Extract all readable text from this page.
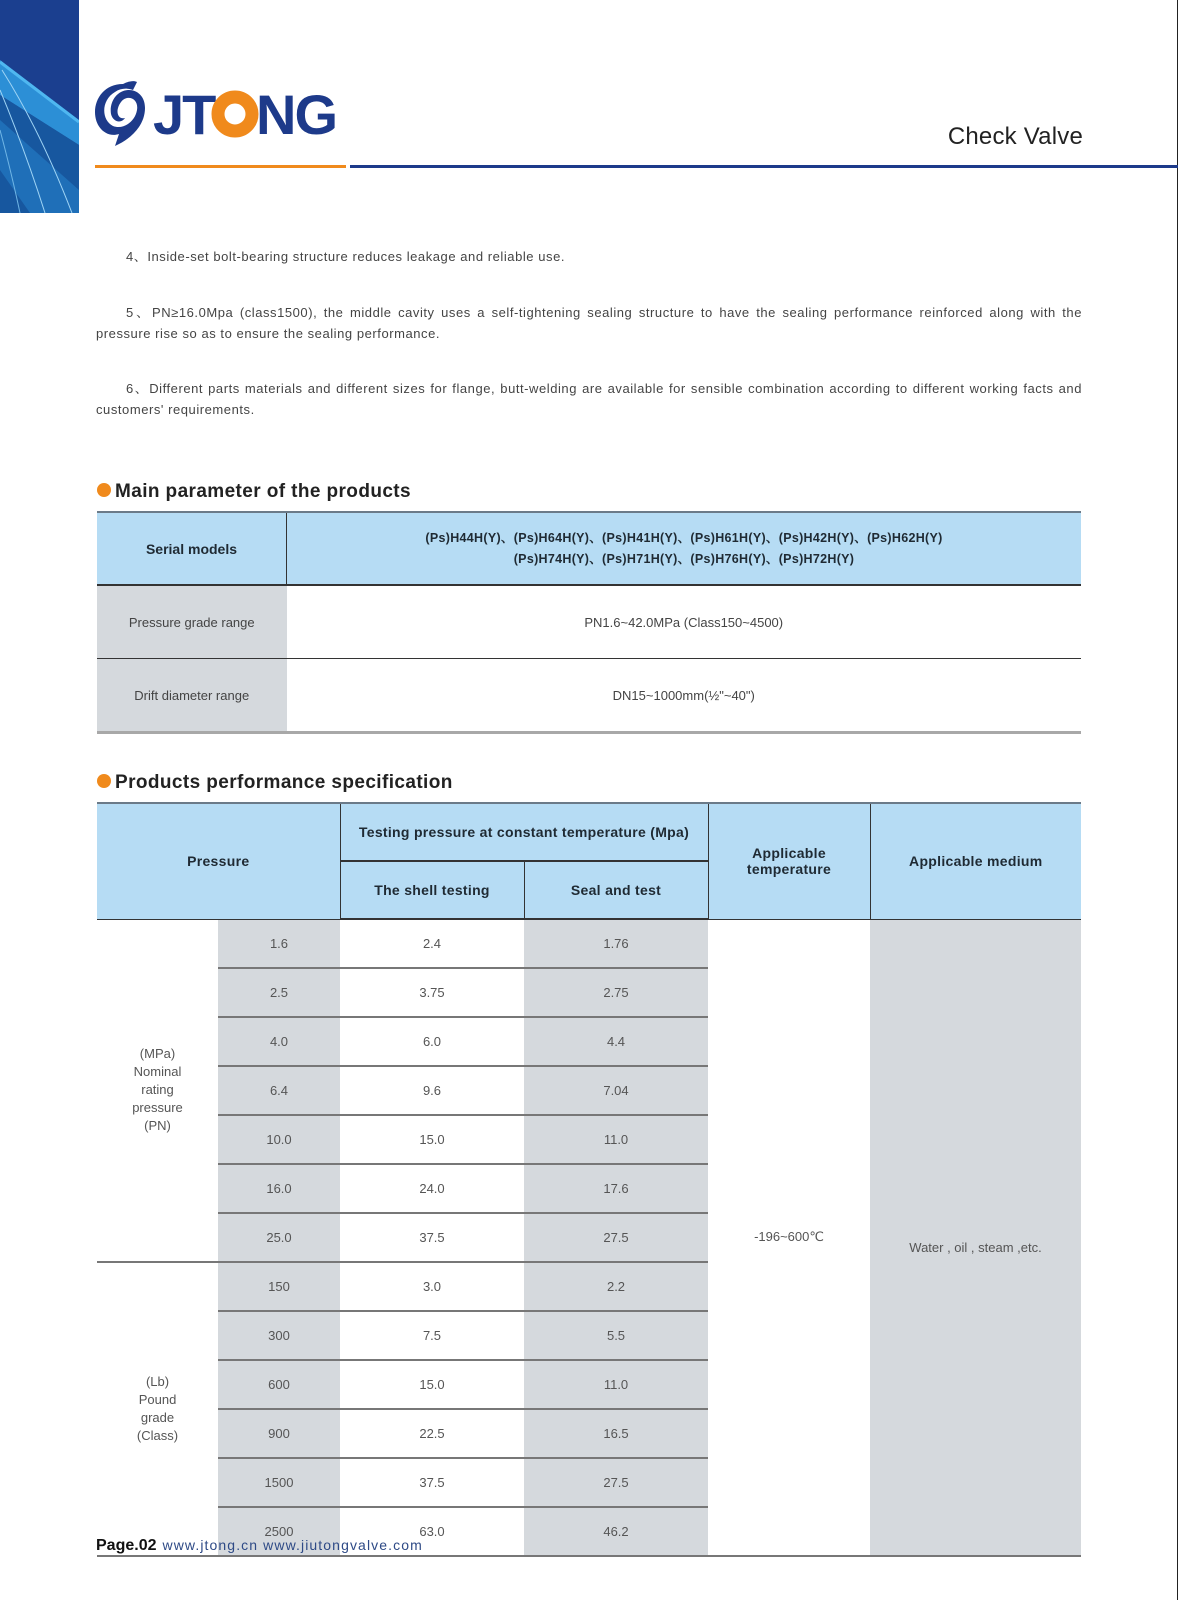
JT NG	Check Valve
4、Inside-set bolt-bearing structure reduces leakage and reliable use.
5、PN≥16.0Mpa (class1500), the middle cavity uses a self-tightening sealing structure to have the sealing performance reinforced along with the pressure rise so as to ensure the sealing performance.
6、Different parts materials and different sizes for flange, butt-welding are available for sensible combination according to different working facts and customers' requirements.
Main parameter of the products
Serial models	(Ps)H44H(Y)、(Ps)H64H(Y)、(Ps)H41H(Y)、(Ps)H61H(Y)、(Ps)H42H(Y)、(Ps)H62H(Y)
(Ps)H74H(Y)、(Ps)H71H(Y)、(Ps)H76H(Y)、(Ps)H72H(Y)

Pressure grade range	PN1.6~42.0MPa (Class150~4500)
Drift diameter range	DN15~1000mm(½"~40")
Products performance specification
Pressure		Testing pressure at constant temperature (Mpa)		Applicable temperature	Applicable medium
		The shell testing	Seal and test		

(MPa)
Nominal
rating
pressure
(PN)	1.6	2.4	1.76	-196~600℃	Water , oil , steam ,etc.
	2.5	3.75	2.75		
	4.0	6.0	4.4		
	6.4	9.6	7.04		
	10.0	15.0	11.0		
	16.0	24.0	17.6		
	25.0	37.5	27.5		

(Lb)
Pound
grade
(Class)	150	3.0	2.2		
	300	7.5	5.5		
	600	15.0	11.0		
	900	22.5	16.5		
	1500	37.5	27.5		
	2500	63.0	46.2		
Page.02 www.jtong.cn www.jiutongvalve.com
